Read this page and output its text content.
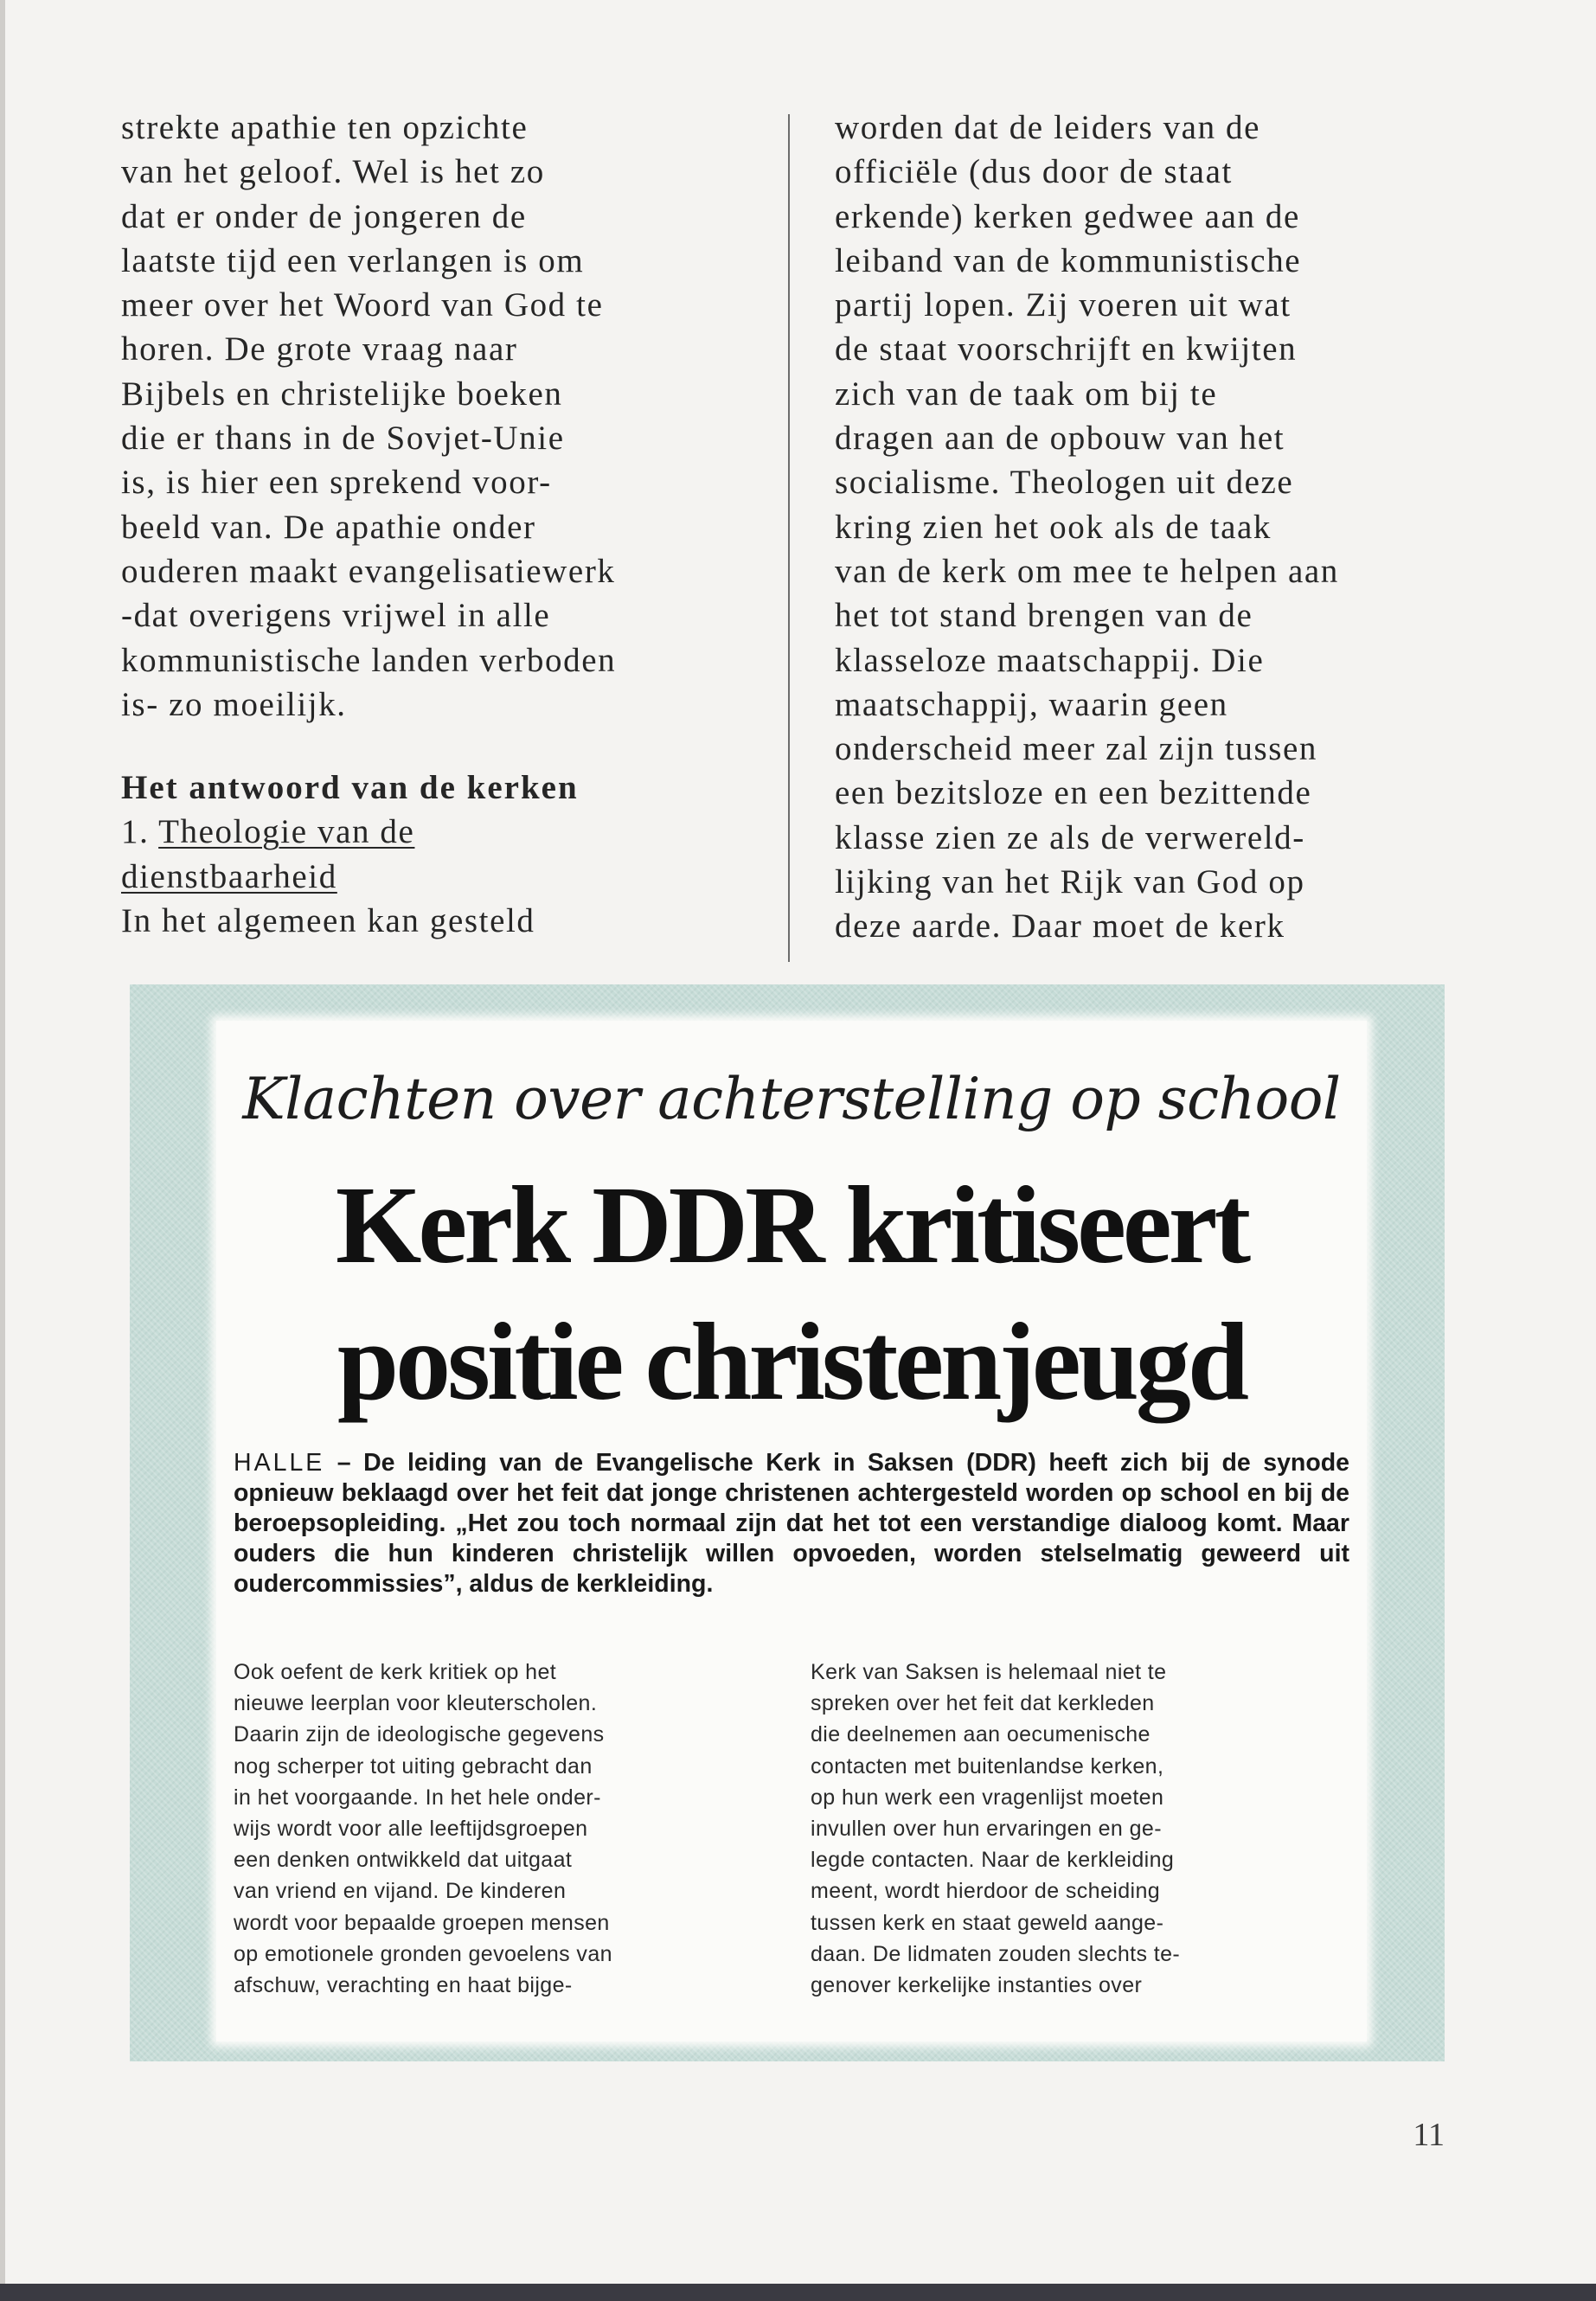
strekte apathie ten opzichte

van het geloof. Wel is het zo

dat er onder de jongeren de

laatste tijd een verlangen is om

meer over het Woord van God te

horen. De grote vraag naar

Bijbels en christelijke boeken

die er thans in de Sovjet-Unie

is, is hier een sprekend voor-

beeld van. De apathie onder

ouderen maakt evangelisatiewerk

-dat overigens vrijwel in alle

kommunistische landen verboden

is- zo moeilijk.

Het antwoord van de kerken

1. Theologie van de

dienstbaarheid

In het algemeen kan gesteld

worden dat de leiders van de

officiële (dus door de staat

erkende) kerken gedwee aan de

leiband van de kommunistische

partij lopen. Zij voeren uit wat

de staat voorschrijft en kwijten

zich van de taak om bij te

dragen aan de opbouw van het

socialisme. Theologen uit deze

kring zien het ook als de taak

van de kerk om mee te helpen aan

het tot stand brengen van de

klasseloze maatschappij. Die

maatschappij, waarin geen

onderscheid meer zal zijn tussen

een bezitsloze en een bezittende

klasse zien ze als de verwereld-

lijking van het Rijk van God op

deze aarde. Daar moet de kerk

Klachten over achterstelling op school
Kerk DDR kritiseert
positie christenjeugd
HALLE – De leiding van de Evangelische Kerk in Saksen (DDR) heeft zich bij de synode opnieuw beklaagd over het feit dat jonge christenen achtergesteld worden op school en bij de beroepsopleiding. „Het zou toch normaal zijn dat het tot een verstandige dialoog komt. Maar ouders die hun kinderen christelijk willen opvoeden, worden stelselmatig geweerd uit oudercommissies”, aldus de kerkleiding.

Ook oefent de kerk kritiek op het

nieuwe leerplan voor kleuterscholen.

Daarin zijn de ideologische gegevens

nog scherper tot uiting gebracht dan

in het voorgaande. In het hele onder-

wijs wordt voor alle leeftijdsgroepen

een denken ontwikkeld dat uitgaat

van vriend en vijand. De kinderen

wordt voor bepaalde groepen mensen

op emotionele gronden gevoelens van

afschuw, verachting en haat bijge-

Kerk van Saksen is helemaal niet te

spreken over het feit dat kerkleden

die deelnemen aan oecumenische

contacten met buitenlandse kerken,

op hun werk een vragenlijst moeten

invullen over hun ervaringen en ge-

legde contacten. Naar de kerkleiding

meent, wordt hierdoor de scheiding

tussen kerk en staat geweld aange-

daan. De lidmaten zouden slechts te-

genover kerkelijke instanties over

11
